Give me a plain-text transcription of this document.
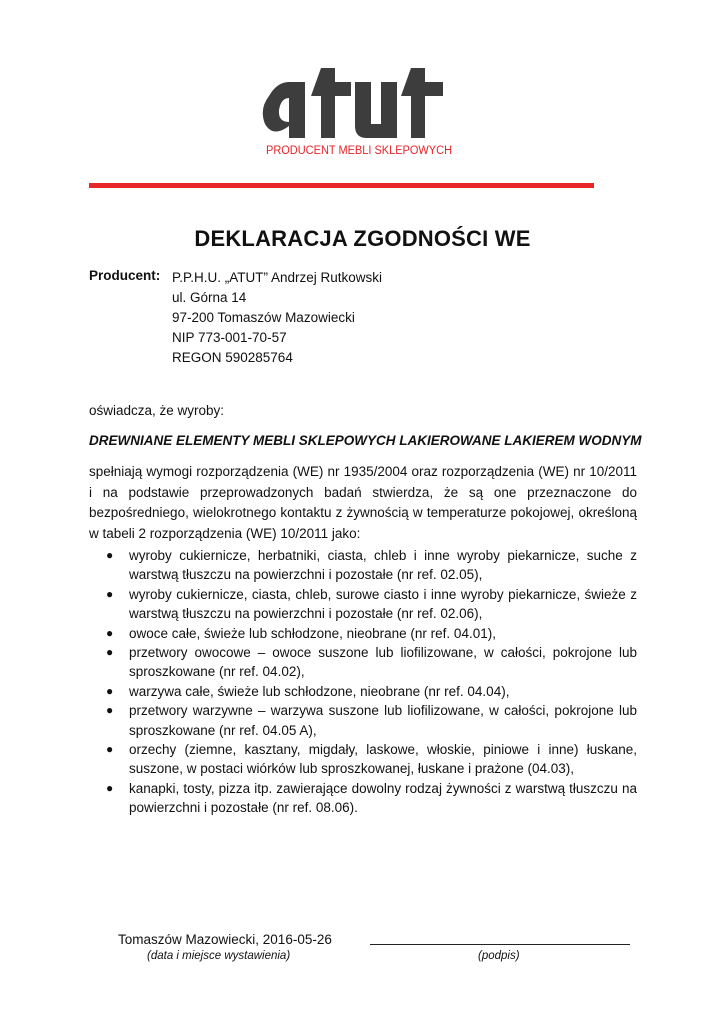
PRODUCENT MEBLI SKLEPOWYCH
DEKLARACJA ZGODNOŚCI WE
Producent: P.P.H.U. „ATUT” Andrzej Rutkowski
ul. Górna 14
97-200 Tomaszów Mazowiecki
NIP 773-001-70-57
REGON 590285764
oświadcza, że wyroby:
DREWNIANE ELEMENTY MEBLI SKLEPOWYCH LAKIEROWANE LAKIEREM WODNYM
spełniają wymogi rozporządzenia (WE) nr 1935/2004 oraz rozporządzenia (WE) nr 10/2011 i na podstawie przeprowadzonych badań stwierdza, że są one przeznaczone do bezpośredniego, wielokrotnego kontaktu z żywnością w temperaturze pokojowej, określoną w tabeli 2 rozporządzenia (WE) 10/2011 jako:
● wyroby cukiernicze, herbatniki, ciasta, chleb i inne wyroby piekarnicze, suche z warstwą tłuszczu na powierzchni i pozostałe (nr ref. 02.05),
● wyroby cukiernicze, ciasta, chleb, surowe ciasto i inne wyroby piekarnicze, świeże z warstwą tłuszczu na powierzchni i pozostałe (nr ref. 02.06),
● owoce całe, świeże lub schłodzone, nieobrane (nr ref. 04.01),
● przetwory owocowe – owoce suszone lub liofilizowane, w całości, pokrojone lub sproszkowane (nr ref. 04.02),
● warzywa całe, świeże lub schłodzone, nieobrane (nr ref. 04.04),
● przetwory warzywne – warzywa suszone lub liofilizowane, w całości, pokrojone lub sproszkowane (nr ref. 04.05 A),
● orzechy (ziemne, kasztany, migdały, laskowe, włoskie, piniowe i inne) łuskane, suszone, w postaci wiórków lub sproszkowanej, łuskane i prażone (04.03),
● kanapki, tosty, pizza itp. zawierające dowolny rodzaj żywności z warstwą tłuszczu na powierzchni i pozostałe (nr ref. 08.06).
Tomaszów Mazowiecki, 2016-05-26
(data i miejsce wystawienia)	(podpis)
